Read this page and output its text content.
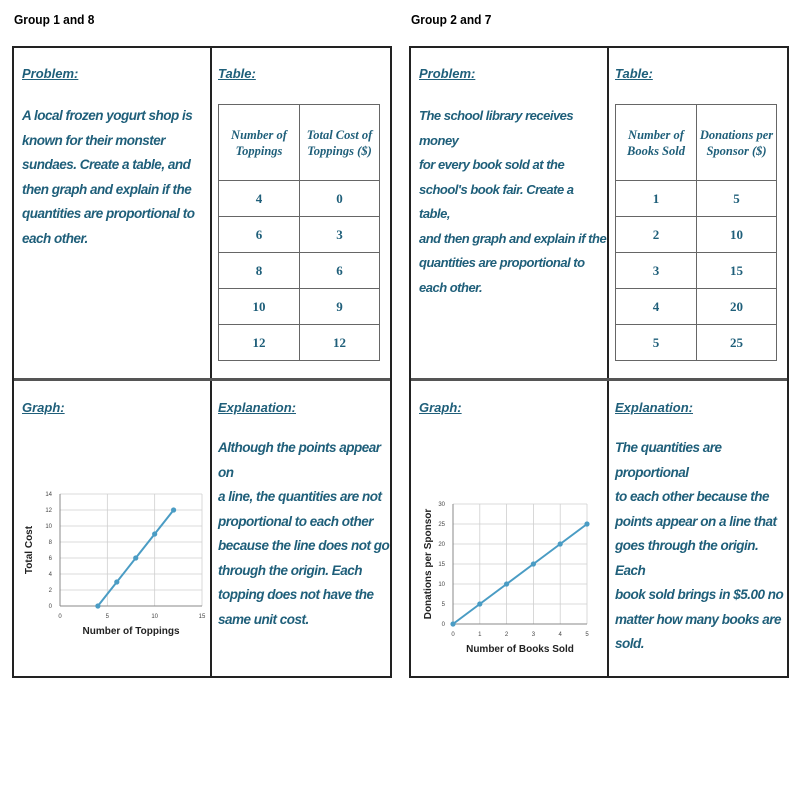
Group 1 and 8
Problem:
A local frozen yogurt shop is
known for their monster
sundaes. Create a table, and
then graph and explain if the
quantities are proportional to
each other.
Table:
Number of Toppings	Total Cost of Toppings ($)
4	0
6	3
8	6
10	9
12	12
Graph:
0
2
4
6
8
10
12
14
0	5	10	15
Number of Toppings
Total Cost
Explanation:
Although the points appear on
a line, the quantities are not
proportional to each other
because the line does not go
through the origin. Each
topping does not have the
same unit cost.
Group 2 and 7
Problem:
The school library receives money
for every book sold at the
school's book fair. Create a table,
and then graph and explain if the
quantities are proportional to
each other.
Table:
Number of Books Sold	Donations per Sponsor ($)
1	5
2	10
3	15
4	20
5	25
Graph:
0
5
10
15
20
25
30
0	1	2	3	4	5
Number of Books Sold
Donations per Sponsor
Explanation:
The quantities are proportional
to each other because the
points appear on a line that
goes through the origin. Each
book sold brings in $5.00 no
matter how many books are
sold.
